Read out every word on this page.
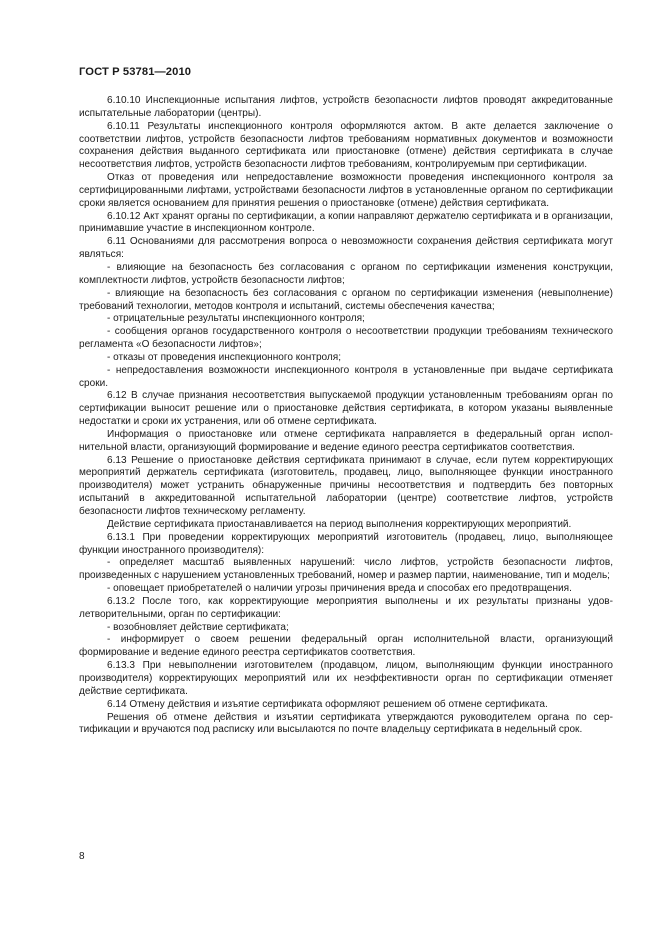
ГОСТ Р 53781—2010

6.10.10 Инспекционные испытания лифтов, устройств безопасности лифтов проводят аккредитованные испытательные лаборатории (центры).

6.10.11 Результаты инспекционного контроля оформляются актом. В акте делается заключение о соответствии лифтов, устройств безопасности лифтов требованиям нормативных документов и возможности сохранения действия выданного сертификата или приостановке (отмене) действия сертификата в случае несоответствия лифтов, устройств безопасности лифтов требованиям, контролируемым при сертификации.

Отказ от проведения или непредоставление возможности проведения инспекционного контроля за сертифицированными лифтами, устройствами безопасности лифтов в установленные органом по сертификации сроки является основанием для принятия решения о приостановке (отмене) действия сертификата.

6.10.12 Акт хранят органы по сертификации, а копии направляют держателю сертификата и в организации, принимавшие участие в инспекционном контроле.

6.11 Основаниями для рассмотрения вопроса о невозможности сохранения действия сертификата могут являться:

- влияющие на безопасность без согласования с органом по сертификации изменения конструкции, комплектности лифтов, устройств безопасности лифтов;

- влияющие на безопасность без согласования с органом по сертификации изменения (невыполнение) требований технологии, методов контроля и испытаний, системы обеспечения качества;

- отрицательные результаты инспекционного контроля;

- сообщения органов государственного контроля о несоответствии продукции требованиям технического регламента «О безопасности лифтов»;

- отказы от проведения инспекционного контроля;

- непредоставления возможности инспекционного контроля в установленные при выдаче сертификата сроки.

6.12 В случае признания несоответствия выпускаемой продукции установленным требованиям орган по сертификации выносит решение или о приостановке действия сертификата, в котором указаны выявленные недостатки и сроки их устранения, или об отмене сертификата.

Информация о приостановке или отмене сертификата направляется в федеральный орган исполнительной власти, организующий формирование и ведение единого реестра сертификатов соответствия.

6.13 Решение о приостановке действия сертификата принимают в случае, если путем корректирующих мероприятий держатель сертификата (изготовитель, продавец, лицо, выполняющее функции иностранного производителя) может устранить обнаруженные причины несоответствия и подтвердить без повторных испытаний в аккредитованной испытательной лаборатории (центре) соответствие лифтов, устройств безопасности лифтов техническому регламенту.

Действие сертификата приостанавливается на период выполнения корректирующих мероприятий.

6.13.1 При проведении корректирующих мероприятий изготовитель (продавец, лицо, выполняющее функции иностранного производителя):

- определяет масштаб выявленных нарушений: число лифтов, устройств безопасности лифтов, произведенных с нарушением установленных требований, номер и размер партии, наименование, тип и модель;

- оповещает приобретателей о наличии угрозы причинения вреда и способах его предотвращения.

6.13.2 После того, как корректирующие мероприятия выполнены и их результаты признаны удовлетворительными, орган по сертификации:

- возобновляет действие сертификата;

- информирует о своем решении федеральный орган исполнительной власти, организующий формирование и ведение единого реестра сертификатов соответствия.

6.13.3 При невыполнении изготовителем (продавцом, лицом, выполняющим функции иностранного производителя) корректирующих мероприятий или их неэффективности орган по сертификации отменяет действие сертификата.

6.14 Отмену действия и изъятие сертификата оформляют решением об отмене сертификата.

Решения об отмене действия и изъятии сертификата утверждаются руководителем органа по сертификации и вручаются под расписку или высылаются по почте владельцу сертификата в недельный срок.

8
